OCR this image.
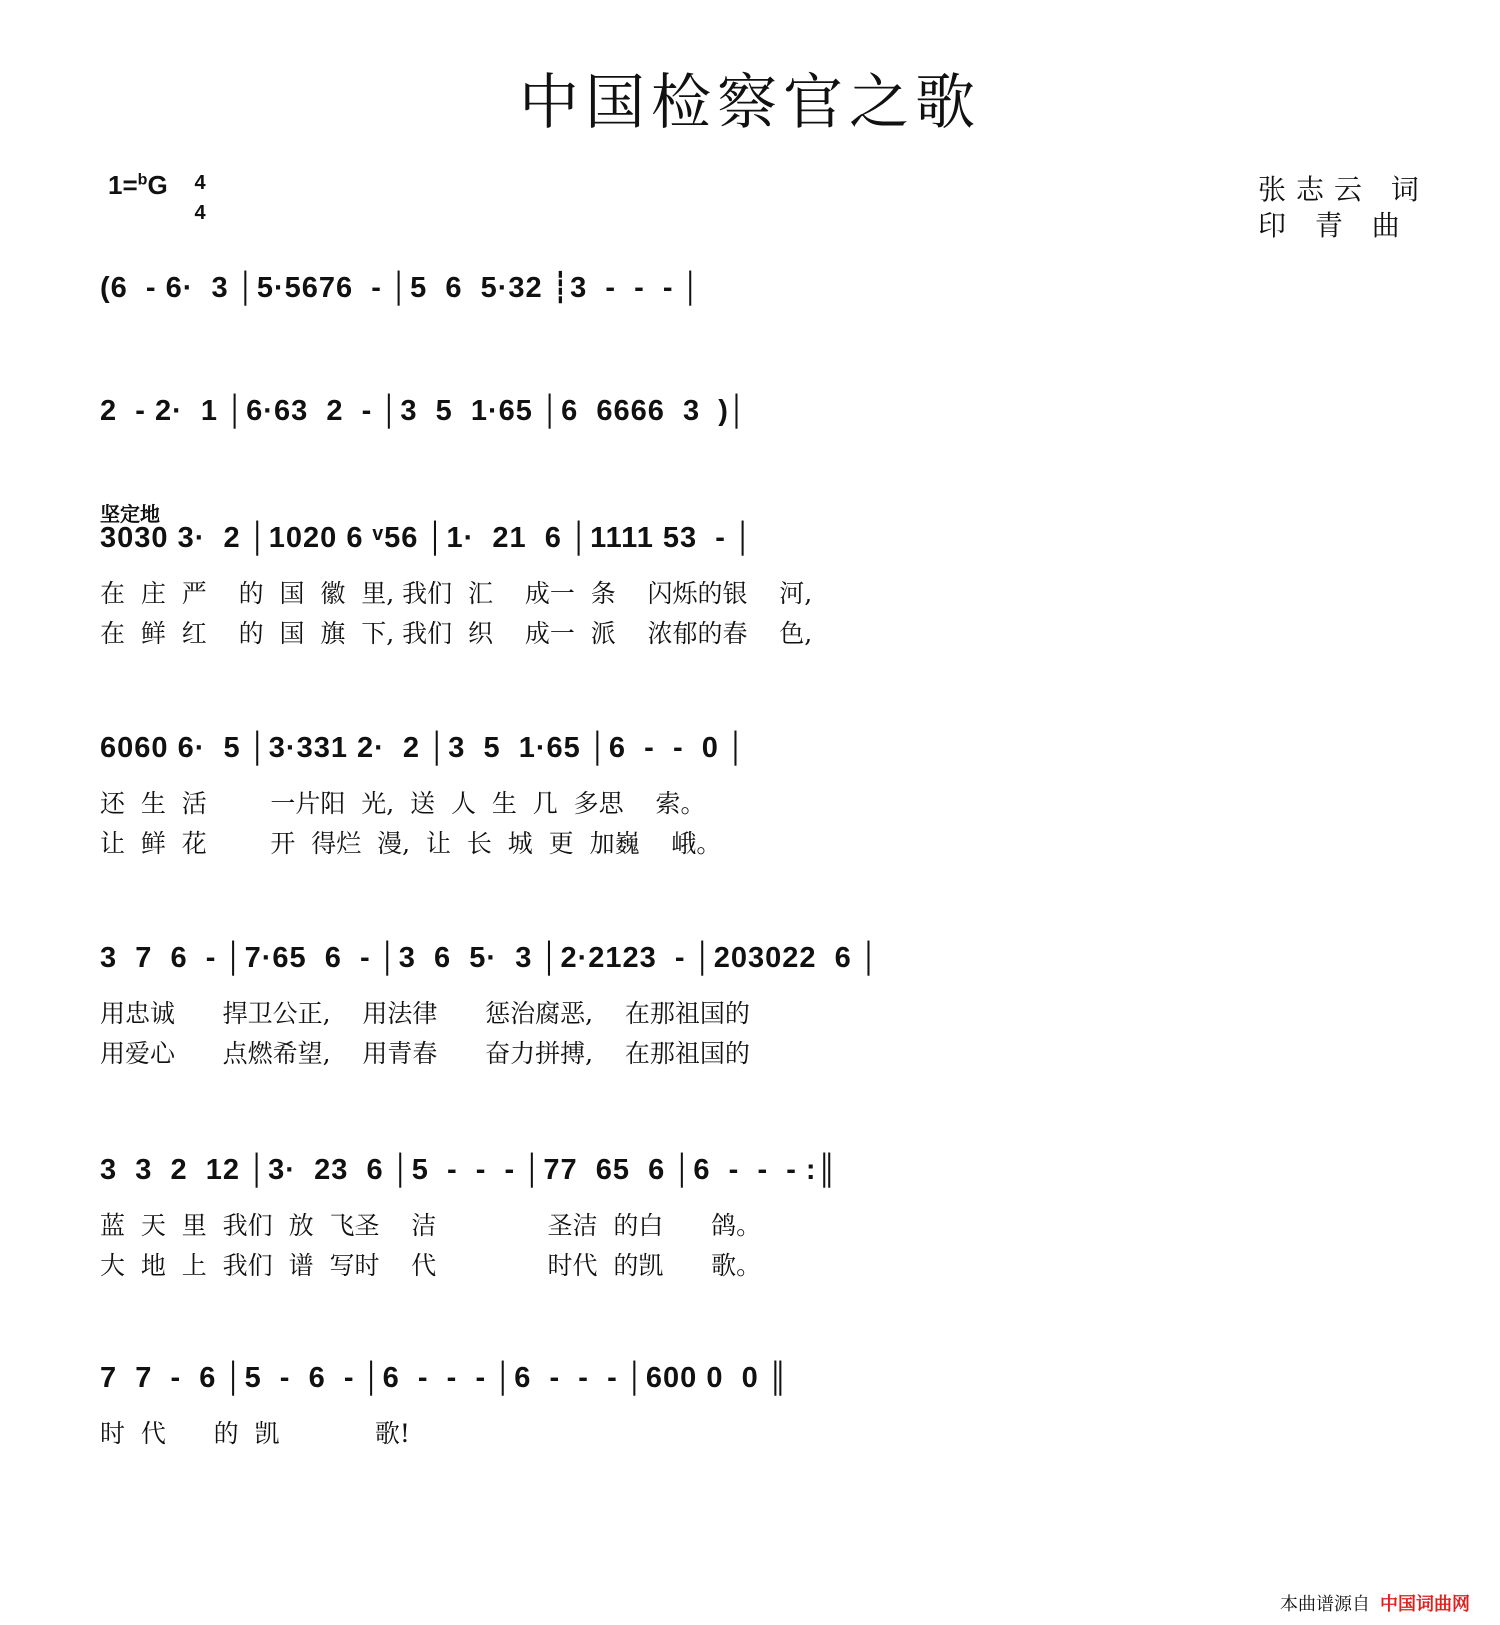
中国检察官之歌
1=$^b$G	4
4
张志云 词
印 青 曲
坚定地
(6  - 6·  3 │5·5676  - │5  6  5·32 ┊3  -  -  - │
2  - 2·  1 │6·63  2  - │3  5  1·65 │6  6666  3  )│
3030 3·  2 │1020 6 ᵛ56 │1·  21  6 │1111 53  - │
在  庄  严    的  国  徽  里, 我们  汇    成一  条    闪烁的银    河,
在  鲜  红    的  国  旗  下, 我们  织    成一  派    浓郁的春    色,
6060 6·  5 │3·331 2·  2 │3  5  1·65 │6  -  -  0 │
还  生  活        一片阳  光,  送  人  生  几  多思    索。
让  鲜  花        开  得烂  漫,  让  长  城  更  加巍    峨。
3  7  6  - │7·65  6  - │3  6  5·  3 │2·2123  - │203022  6 │
用忠诚      捍卫公正,    用法律      惩治腐恶,    在那祖国的
用爱心      点燃希望,    用青春      奋力拼搏,    在那祖国的
3  3  2  12 │3·  23  6 │5  -  -  - │77  65  6 │6  -  -  - :║
蓝  天  里  我们  放  飞圣    洁              圣洁  的白      鸽。
大  地  上  我们  谱  写时    代              时代  的凯      歌。
7  7  -  6 │5  -  6  - │6  -  -  - │6  -  -  - │600 0  0 ║
时  代      的  凯            歌!
本曲谱源自 中国词曲网
